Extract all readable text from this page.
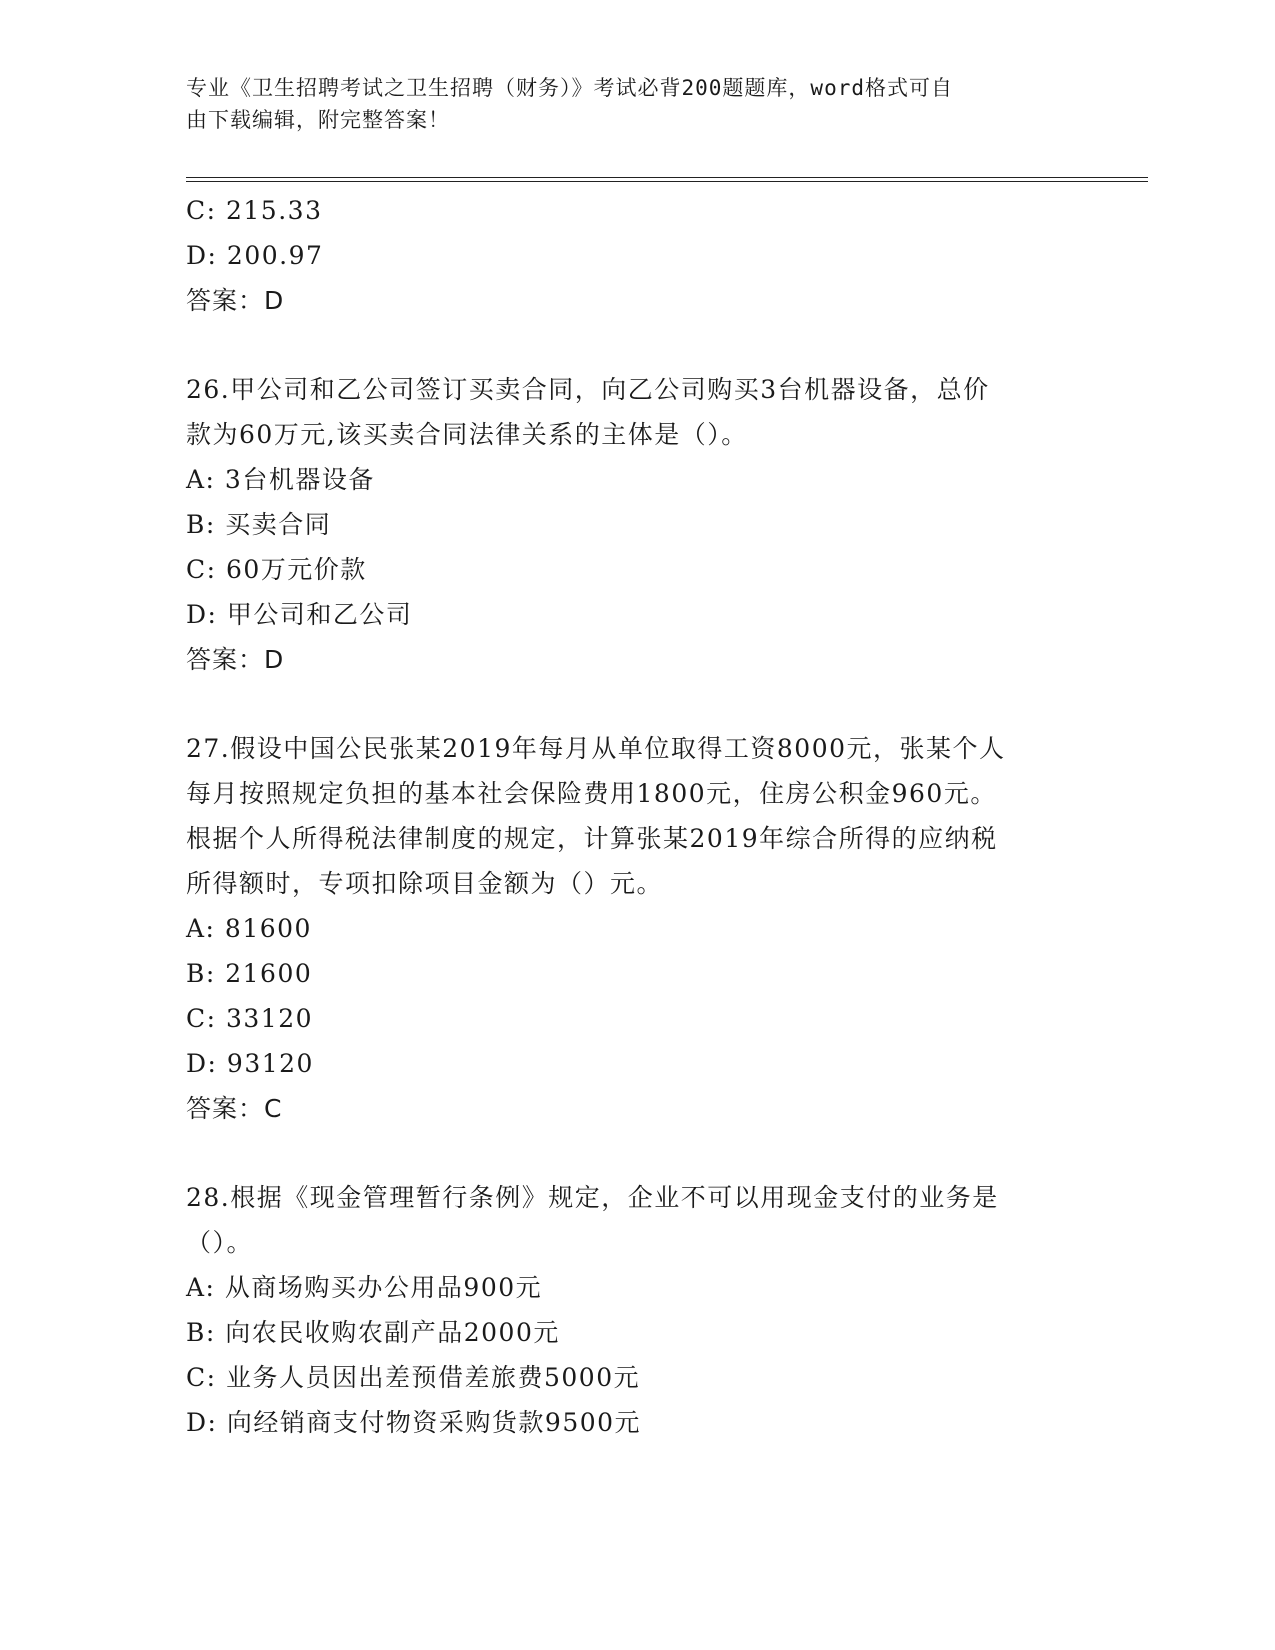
专业《卫生招聘考试之卫生招聘（财务）》考试必背200题题库，word格式可自
由下载编辑，附完整答案！
C: 215.33
D: 200.97
答案：D
26.甲公司和乙公司签订买卖合同，向乙公司购买3台机器设备，总价
款为60万元,该买卖合同法律关系的主体是（）。
A: 3台机器设备
B: 买卖合同
C: 60万元价款
D: 甲公司和乙公司
答案：D
27.假设中国公民张某2019年每月从单位取得工资8000元，张某个人
每月按照规定负担的基本社会保险费用1800元，住房公积金960元。
根据个人所得税法律制度的规定，计算张某2019年综合所得的应纳税
所得额时，专项扣除项目金额为（）元。
A: 81600
B: 21600
C: 33120
D: 93120
答案：C
28.根据《现金管理暂行条例》规定，企业不可以用现金支付的业务是
（）。
A: 从商场购买办公用品900元
B: 向农民收购农副产品2000元
C: 业务人员因出差预借差旅费5000元
D: 向经销商支付物资采购货款9500元
